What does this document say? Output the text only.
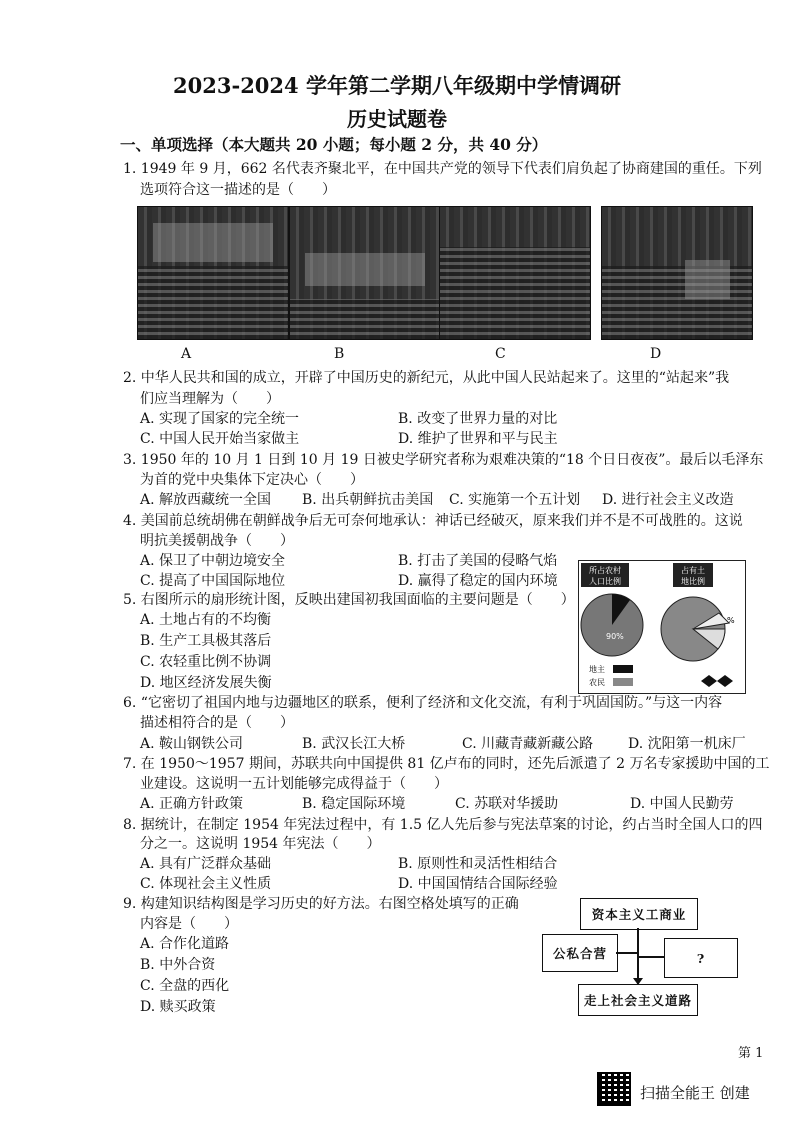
2023-2024 学年第二学期八年级期中学情调研
历史试题卷
一、单项选择（本大题共 20 小题；每小题 2 分，共 40 分）
1. 1949 年 9 月，662 名代表齐聚北平，在中国共产党的领导下代表们肩负起了协商建国的重任。下列
选项符合这一描述的是（　　）
A	B	C	D
2. 中华人民共和国的成立，开辟了中国历史的新纪元，从此中国人民站起来了。这里的“站起来”我
们应当理解为（　　）
A. 实现了国家的完全统一	B. 改变了世界力量的对比
C. 中国人民开始当家做主	D. 维护了世界和平与民主
3. 1950 年的 10 月 1 日到 10 月 19 日被史学研究者称为艰难决策的“18 个日日夜夜”。最后以毛泽东
为首的党中央集体下定决心（　　）
A. 解放西藏统一全国 B. 出兵朝鲜抗击美国 C. 实施第一个五计划 D. 进行社会主义改造
4. 美国前总统胡佛在朝鲜战争后无可奈何地承认：神话已经破灭，原来我们并不是不可战胜的。这说
明抗美援朝战争（　　）
A. 保卫了中朝边境安全	B. 打击了美国的侵略气焰
C. 提高了中国国际地位	D. 赢得了稳定的国内环境
5. 右图所示的扇形统计图，反映出建国初我国面临的主要问题是（　　）
A. 土地占有的不均衡
B. 生产工具极其落后
C. 农轻重比例不协调
D. 地区经济发展失衡
所占农村
人口比例
占有土
地比例
90%
%
地主
农民
6. “它密切了祖国内地与边疆地区的联系，便利了经济和文化交流，有利于巩固国防。”与这一内容
描述相符合的是（　　）
A. 鞍山钢铁公司	B. 武汉长江大桥	C. 川藏青藏新藏公路 D. 沈阳第一机床厂
7. 在 1950～1957 期间，苏联共向中国提供 81 亿卢布的同时，还先后派遣了 2 万名专家援助中国的工
业建设。这说明一五计划能够完成得益于（　　）
A. 正确方针政策	B. 稳定国际环境	C. 苏联对华援助	D. 中国人民勤劳
8. 据统计，在制定 1954 年宪法过程中，有 1.5 亿人先后参与宪法草案的讨论，约占当时全国人口的四
分之一。这说明 1954 年宪法（　　）
A. 具有广泛群众基础	B. 原则性和灵活性相结合
C. 体现社会主义性质	D. 中国国情结合国际经验
9. 构建知识结构图是学习历史的好方法。右图空格处填写的正确
内容是（　　）
A. 合作化道路
B. 中外合资
C. 全盘的西化
D. 赎买政策
资本主义工商业
公私合营	?
走上社会主义道路
第 1
扫描全能王 创建
